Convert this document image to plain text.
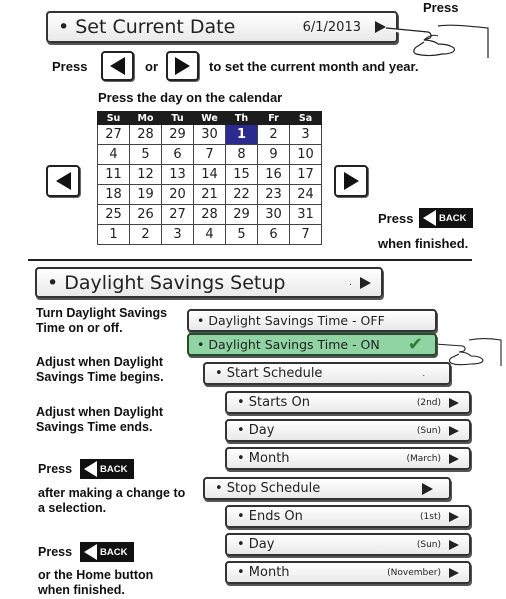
Press
• Set Current Date	6/1/2013
Press	or	to set the current month and year.
Press the day on the calendar
Su	Mo	Tu	We	Th	Fr	Sa
27	28	29	30	1	2	3
4	5	6	7	8	9	10
11	12	13	14	15	16	17
18	19	20	21	22	23	24
25	26	27	28	29	30	31
1	2	3	4	5	6	7
Press	BACK
when finished.
• Daylight Savings Setup	.
Turn Daylight Savings Time on or off.
Adjust when Daylight Savings Time begins.
Adjust when Daylight Savings Time ends.
Press	BACK
after making a change to a selection.
Press	BACK
or the Home button when finished.
• Daylight Savings Time - OFF
• Daylight Savings Time - ON	✔
• Start Schedule	.
• Starts On	(2nd)
• Day	(Sun)
• Month	(March)
• Stop Schedule
• Ends On	(1st)
• Day	(Sun)
• Month	(November)
